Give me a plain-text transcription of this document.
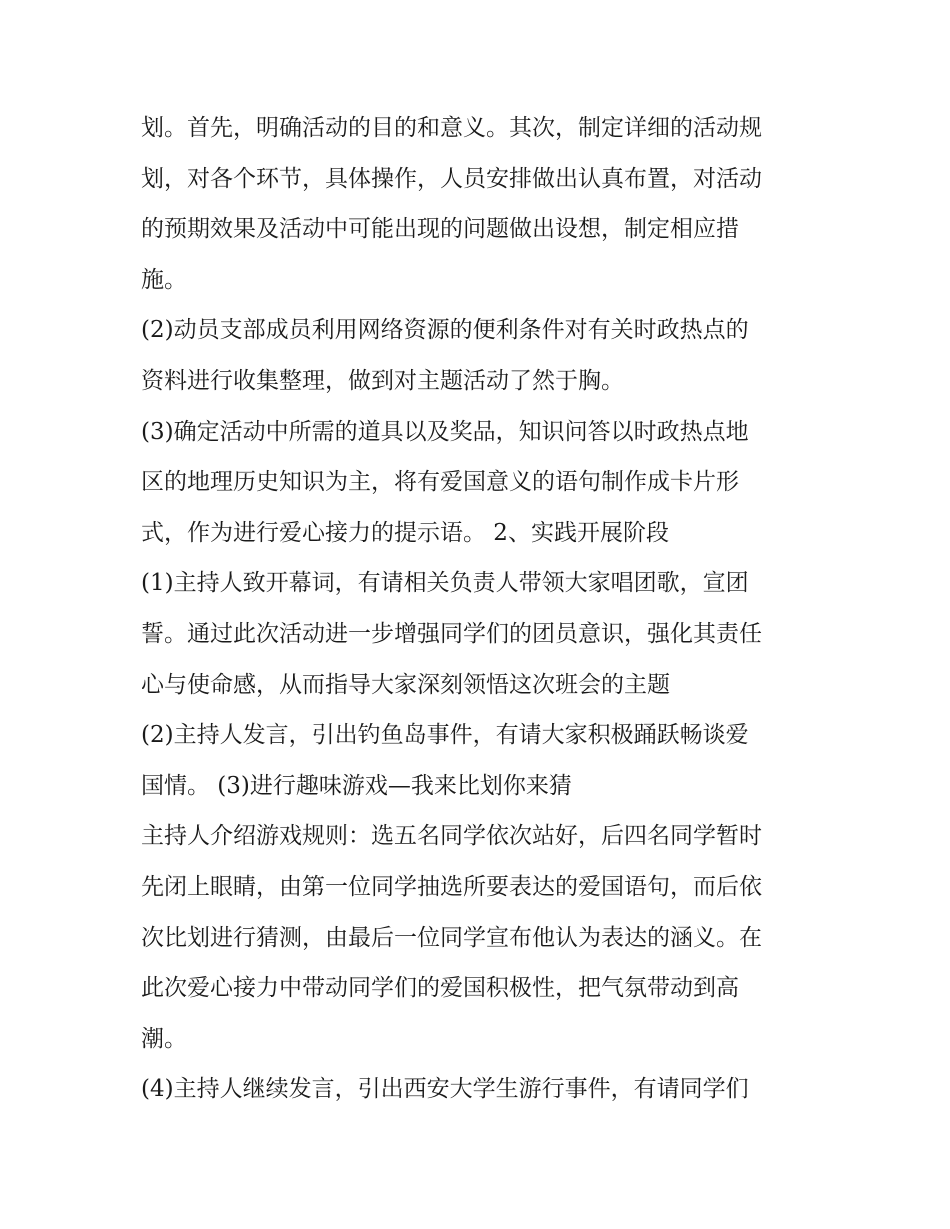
划。首先，明确活动的目的和意义。其次，制定详细的活动规
划，对各个环节，具体操作，人员安排做出认真布置，对活动
的预期效果及活动中可能出现的问题做出设想，制定相应措
施。
(2)动员支部成员利用网络资源的便利条件对有关时政热点的
资料进行收集整理，做到对主题活动了然于胸。
(3)确定活动中所需的道具以及奖品，知识问答以时政热点地
区的地理历史知识为主，将有爱国意义的语句制作成卡片形
式，作为进行爱心接力的提示语。 2、实践开展阶段
(1)主持人致开幕词，有请相关负责人带领大家唱团歌，宣团
誓。通过此次活动进一步增强同学们的团员意识，强化其责任
心与使命感，从而指导大家深刻领悟这次班会的主题
(2)主持人发言，引出钓鱼岛事件，有请大家积极踊跃畅谈爱
国情。 (3)进行趣味游戏—我来比划你来猜
主持人介绍游戏规则：选五名同学依次站好，后四名同学暂时
先闭上眼睛，由第一位同学抽选所要表达的爱国语句，而后依
次比划进行猜测，由最后一位同学宣布他认为表达的涵义。在
此次爱心接力中带动同学们的爱国积极性，把气氛带动到高
潮。
(4)主持人继续发言，引出西安大学生游行事件，有请同学们
